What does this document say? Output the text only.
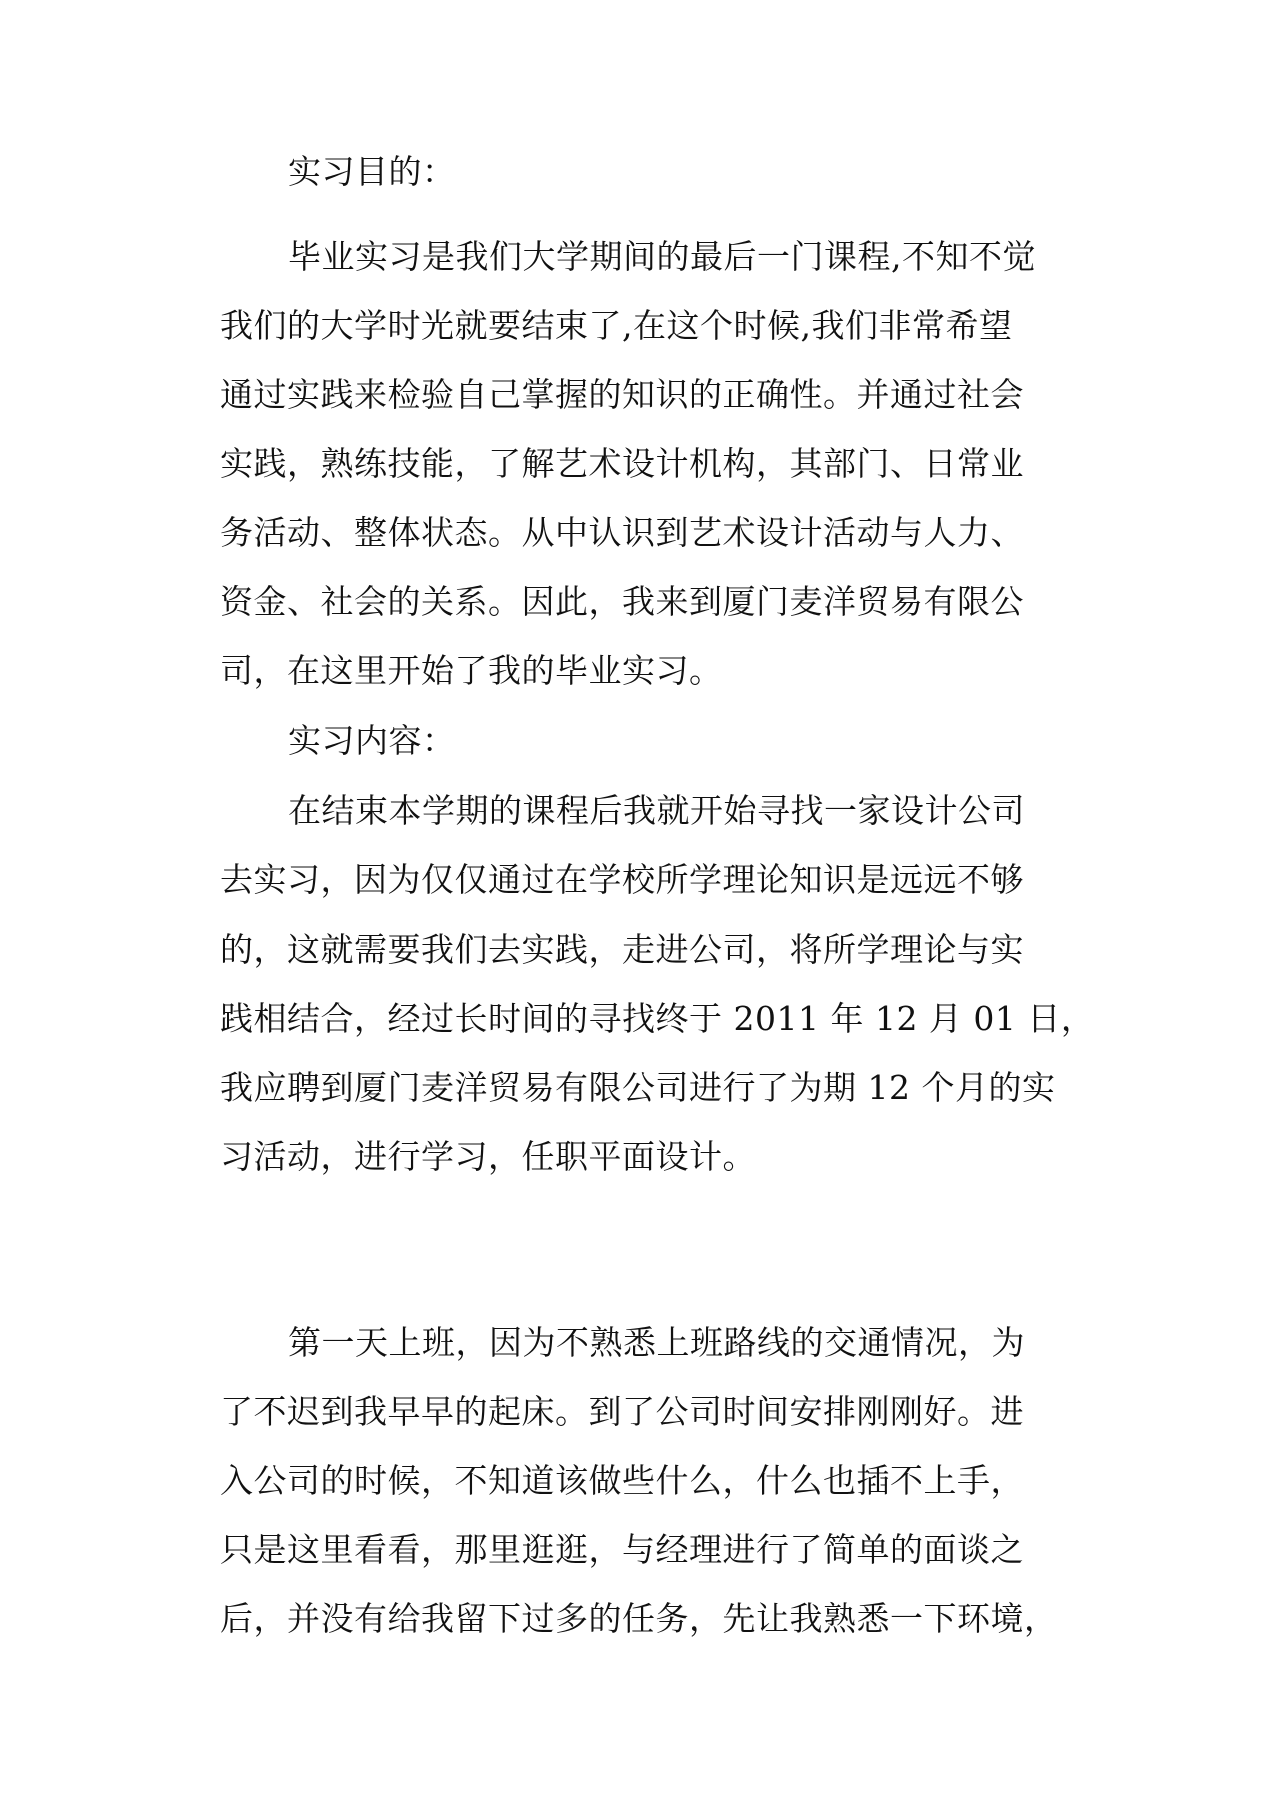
实习目的：
毕业实习是我们大学期间的最后一门课程,不知不觉
我们的大学时光就要结束了,在这个时候,我们非常希望
通过实践来检验自己掌握的知识的正确性。并通过社会
实践，熟练技能，了解艺术设计机构，其部门、日常业
务活动、整体状态。从中认识到艺术设计活动与人力、
资金、社会的关系。因此，我来到厦门麦洋贸易有限公
司，在这里开始了我的毕业实习。
实习内容：
在结束本学期的课程后我就开始寻找一家设计公司
去实习，因为仅仅通过在学校所学理论知识是远远不够
的，这就需要我们去实践，走进公司，将所学理论与实
践相结合，经过长时间的寻找终于 2011 年 12 月 01 日，
我应聘到厦门麦洋贸易有限公司进行了为期 12 个月的实
习活动，进行学习，任职平面设计。
第一天上班，因为不熟悉上班路线的交通情况，为
了不迟到我早早的起床。到了公司时间安排刚刚好。进
入公司的时候，不知道该做些什么，什么也插不上手，
只是这里看看，那里逛逛，与经理进行了简单的面谈之
后，并没有给我留下过多的任务，先让我熟悉一下环境，
